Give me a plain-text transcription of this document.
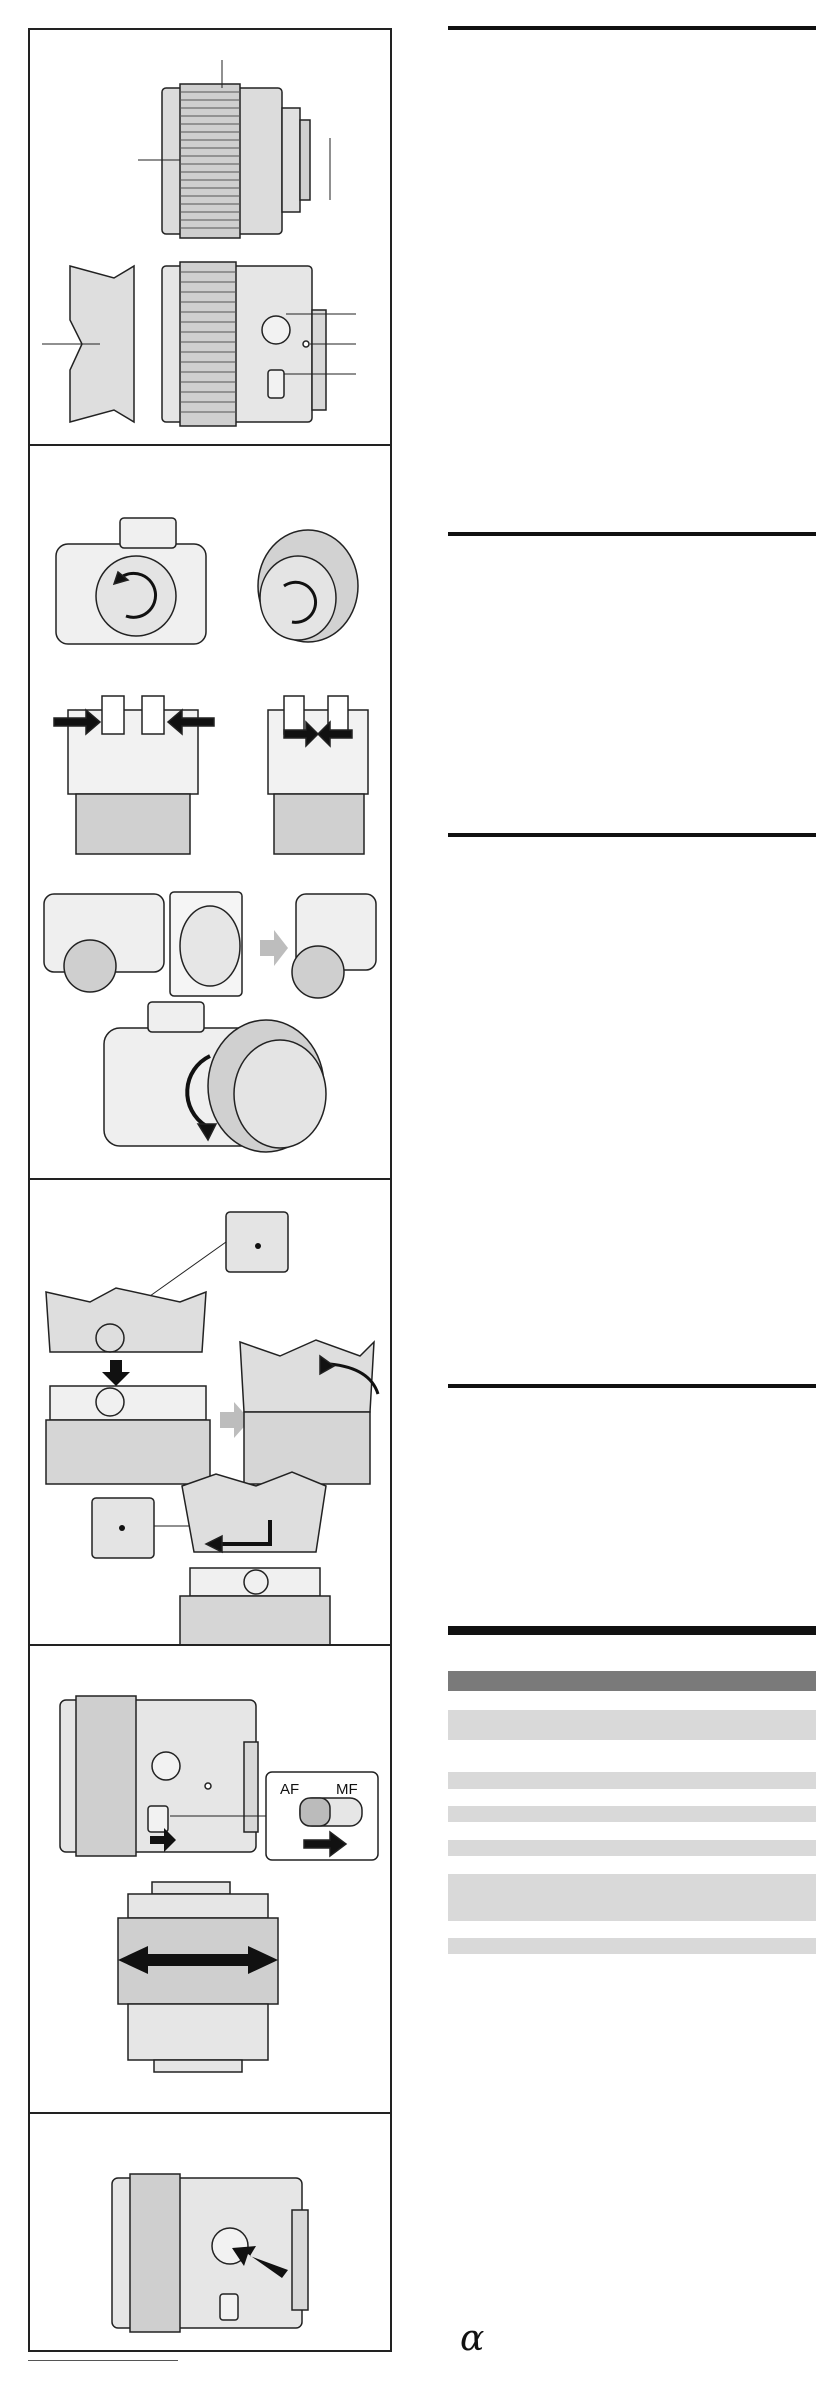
AF MF
α
